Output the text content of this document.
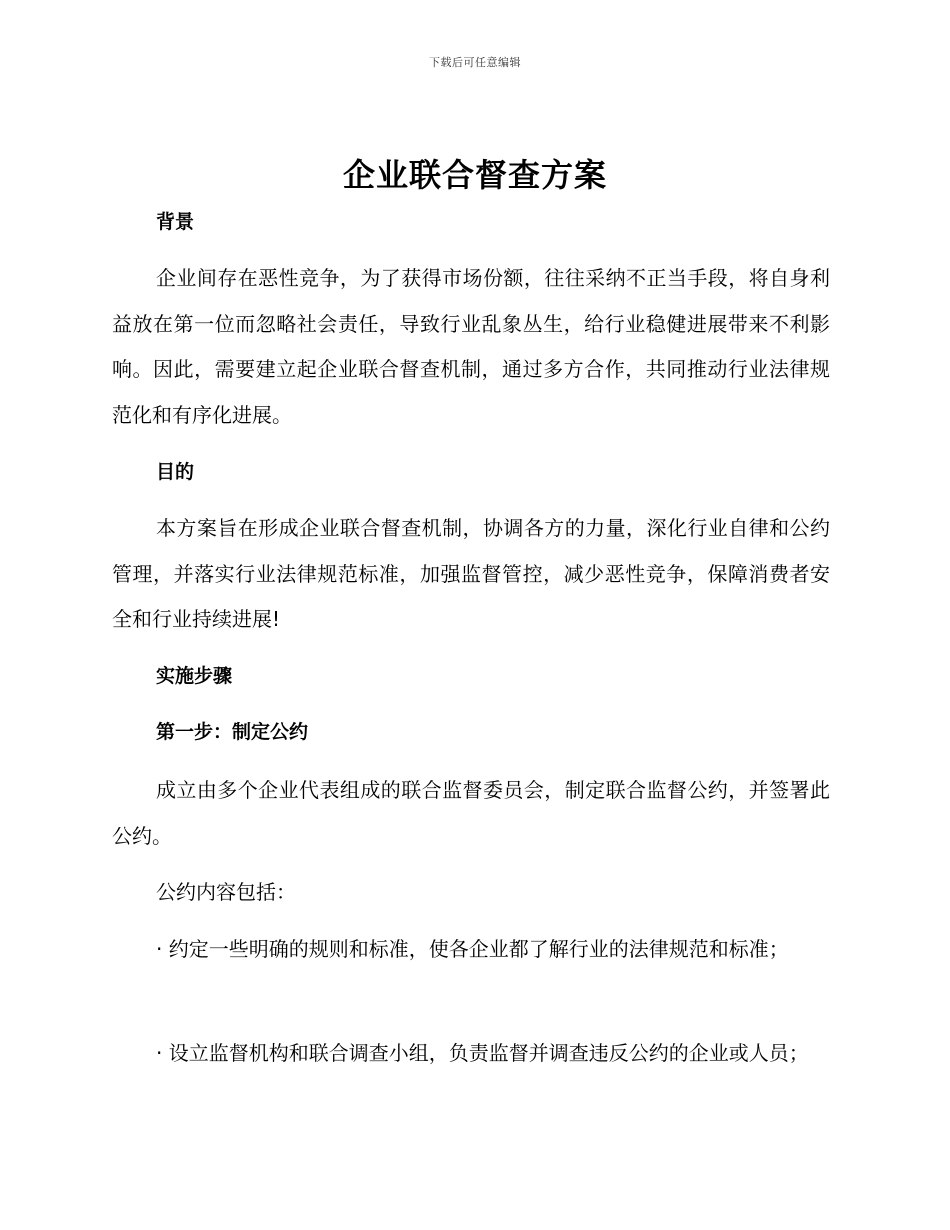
下载后可任意编辑
企业联合督查方案
背景
企业间存在恶性竞争，为了获得市场份额，往往采纳不正当手段，将自身利益放在第一位而忽略社会责任，导致行业乱象丛生，给行业稳健进展带来不利影响。因此，需要建立起企业联合督查机制，通过多方合作，共同推动行业法律规范化和有序化进展。
目的
本方案旨在形成企业联合督查机制，协调各方的力量，深化行业自律和公约管理，并落实行业法律规范标准，加强监督管控，减少恶性竞争，保障消费者安全和行业持续进展!
实施步骤
第一步：制定公约
成立由多个企业代表组成的联合监督委员会，制定联合监督公约，并签署此公约。
公约内容包括：
· 约定一些明确的规则和标准，使各企业都了解行业的法律规范和标准；
· 设立监督机构和联合调查小组，负责监督并调查违反公约的企业或人员；
